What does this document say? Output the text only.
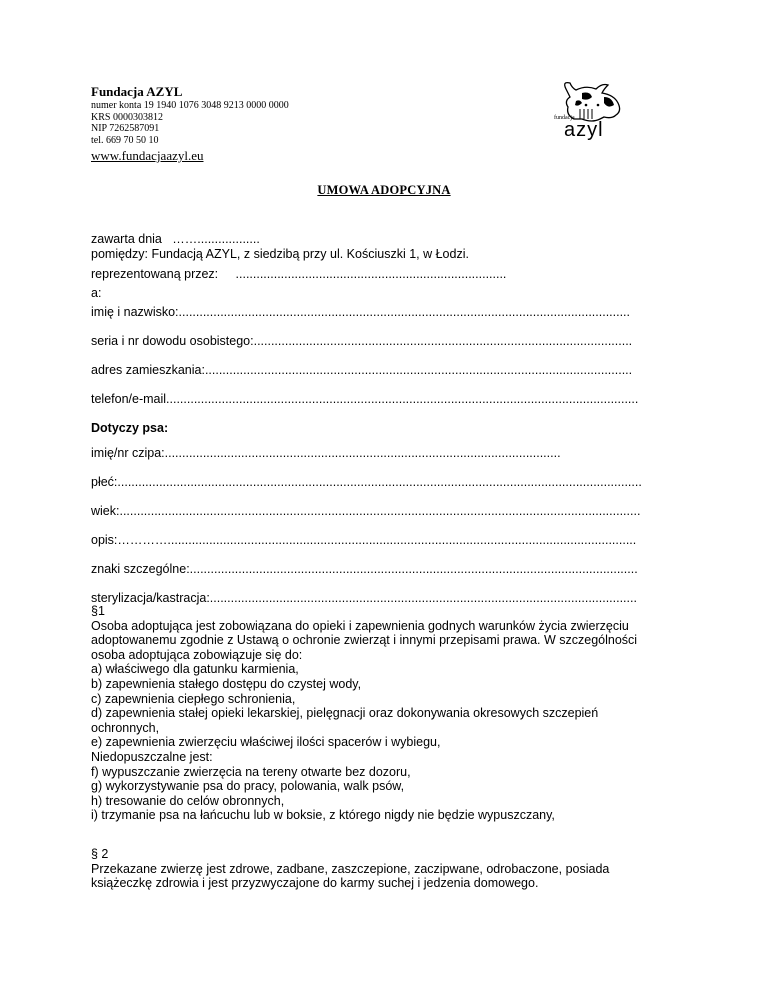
Fundacja AZYL
numer konta 19 1940 1076 3048 9213 0000 0000
KRS 0000303812
NIP 7262587091
tel. 669 70 50 10
www.fundacjaazyl.eu
fundacja
azyl
UMOWA ADOPCYJNA
zawarta dnia   ……..................
pomiędzy: Fundacją AZYL, z siedzibą przy ul. Kościuszki 1, w Łodzi.
reprezentowaną przez:     ..............................................................................
a:
imię i nazwisko:..................................................................................................................................
seria i nr dowodu osobistego:.............................................................................................................
adres zamieszkania:...........................................................................................................................
telefon/e-mail........................................................................................................................................
Dotyczy psa:
imię/nr czipa:..................................................................................................................
płeć:.......................................................................................................................................................
wiek:......................................................................................................................................................
opis:………….......................................................................................................................................
znaki szczególne:.................................................................................................................................
sterylizacja/kastracja:...........................................................................................................................
§1
Osoba adoptująca jest zobowiązana do opieki i zapewnienia godnych warunków życia zwierzęciu
adoptowanemu zgodnie z Ustawą o ochronie zwierząt i innymi przepisami prawa. W szczególności
osoba adoptująca zobowiązuje się do:
a) właściwego dla gatunku karmienia,
b) zapewnienia stałego dostępu do czystej wody,
c) zapewnienia ciepłego schronienia,
d) zapewnienia stałej opieki lekarskiej, pielęgnacji oraz dokonywania okresowych szczepień
ochronnych,
e) zapewnienia zwierzęciu właściwej ilości spacerów i wybiegu,
Niedopuszczalne jest:
f) wypuszczanie zwierzęcia na tereny otwarte bez dozoru,
g) wykorzystywanie psa do pracy, polowania, walk psów,
h) tresowanie do celów obronnych,
i) trzymanie psa na łańcuchu lub w boksie, z którego nigdy nie będzie wypuszczany,
§ 2
Przekazane zwierzę jest zdrowe, zadbane, zaszczepione, zaczipwane, odrobaczone, posiada
książeczkę zdrowia i jest przyzwyczajone do karmy suchej i jedzenia domowego.
